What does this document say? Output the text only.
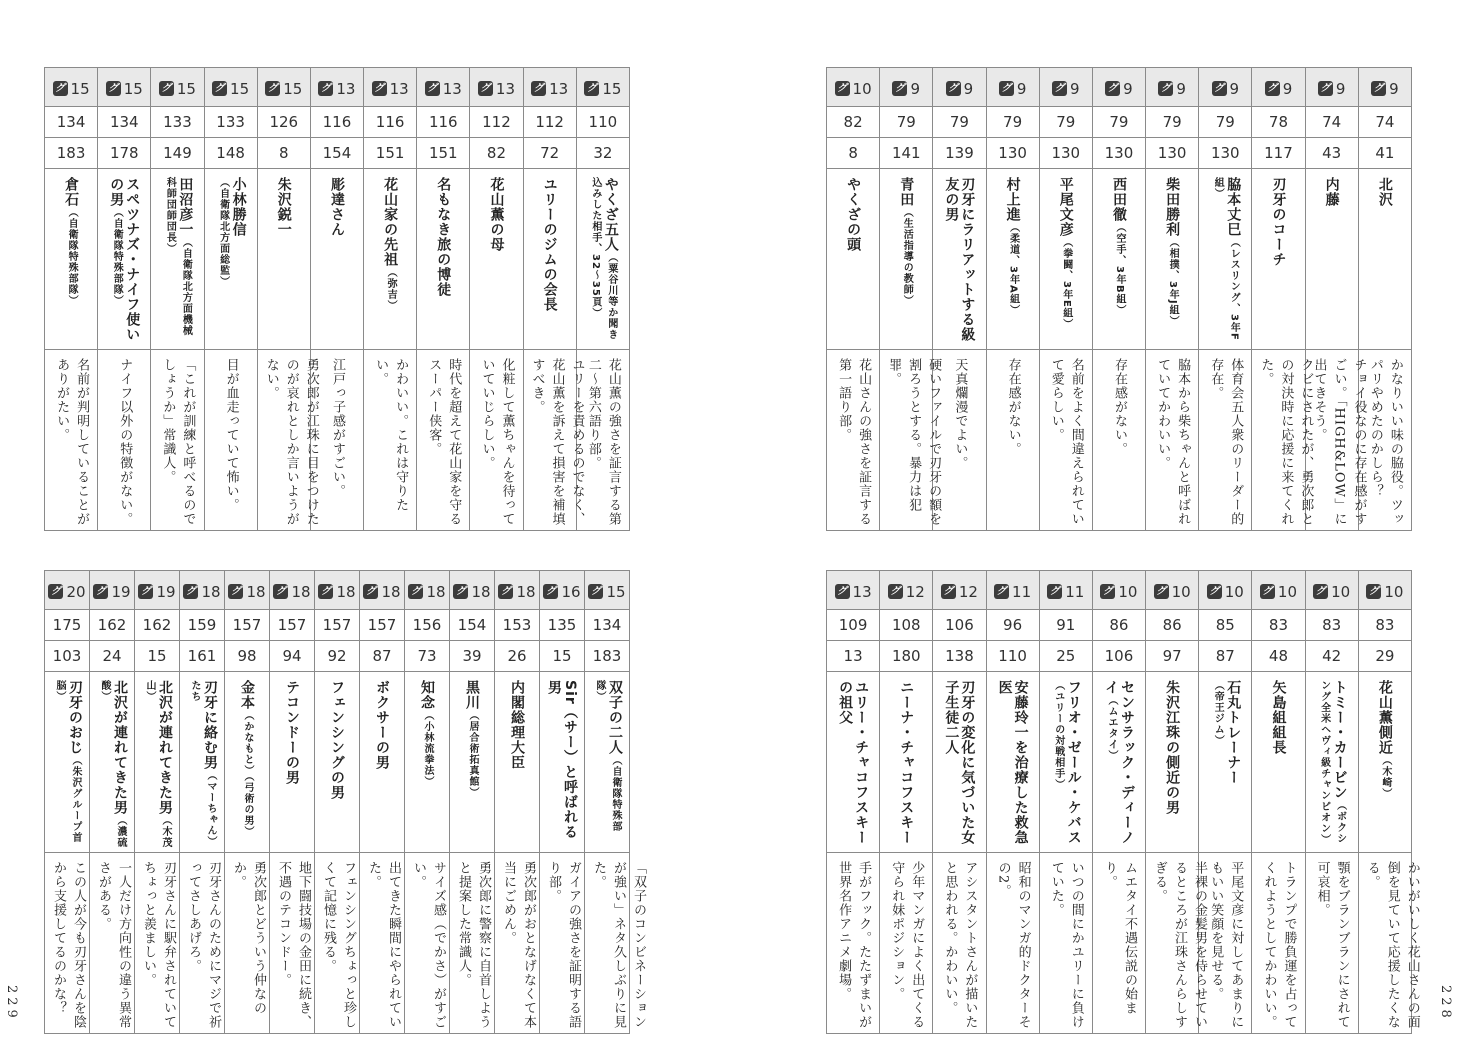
229	228
グ 15	グ 15	グ 15	グ 15	グ 15	グ 13	グ 13	グ 13	グ 13	グ 13	グ 15

134	134	133	133	126	116	116	116	112	112	110
183	178	149	148	8	154	151	151	82	72	32

倉石（自衛隊特殊部隊）	スペツナズ・ナイフ使いの男（自衛隊特殊部隊）	田沼彦一（自衛隊北方面機械科師団師団長）	小林勝信（自衛隊北方面総監）	朱沢鋭一	彫達さん	花山家の先祖（弥吉）	名もなき旅の博徒	花山薫の母	ユリーのジムの会長	やくざ五人（粟谷川等か聞き込みした相手、32〜35頁）

名前が判明していることがありがたい。	ナイフ以外の特徴がない。	「これが訓練と呼べるのでしょうか」常識人。	目が血走っていて怖い。	勇次郎が江珠に目をつけたのが哀れとしか言いようがない。	江戸っ子感がすごい。	かわいい。これは守りたい。	時代を超えて花山家を守るスーパー侠客。	化粧して薫ちゃんを待っていていじらしい。	ユリーを責めるのでなく、花山薫を訴えて損害を補填すべき。	花山薫の強さを証言する第二〜第六語り部。
グ 10	グ 9	グ 9	グ 9	グ 9	グ 9	グ 9	グ 9	グ 9	グ 9	グ 9

82	79	79	79	79	79	79	79	78	74	74
8	141	139	130	130	130	130	130	117	43	41

やくざの頭	青田（生活指導の教師）	刃牙にラリアットする級友の男	村上進（柔道、3年A組）	平尾文彦（拳闘、3年E組）	西田徹（空手、3年B組）	柴田勝利（相撲、3年J組）	脇本丈巳（レスリング、3年F組）	刃牙のコーチ	内藤	北沢

花山さんの強さを証言する第一語り部。	硬いファイルで刃牙の額を割ろうとする。暴力は犯罪。	天真爛漫でよい。	存在感がない。	名前をよく間違えられていて愛らしい。	存在感がない。	脇本から柴ちゃんと呼ばれていてかわいい。	体育会五人衆のリーダー的存在。	クビにされたが、勇次郎との対決時に応援に来てくれた。	チョイ役なのに存在感がすごい。「HIGH&LOW」に出てきそう。	かなりいい味の脇役。ツッパリやめたのかしら？
グ 20	グ 19	グ 19	グ 18	グ 18	グ 18	グ 18	グ 18	グ 18	グ 18	グ 18	グ 16	グ 15

175	162	162	159	157	157	157	157	156	154	153	135	134
103	24	15	161	98	94	92	87	73	39	26	15	183

刃牙のおじ（朱沢グループ首脳）	北沢が連れてきた男（濃硫酸）	北沢が連れてきた男（木茂山）	刃牙に絡む男（マーちゃん）たち	金本（かなもと）（弓術の男）	テコンドーの男	フェンシングの男	ボクサーの男	知念（小林流拳法）	黒川（居合術拓真館）	内閣総理大臣	Sir（サー）と呼ばれる男	双子の二人（自衛隊特殊部隊）

この人が今も刃牙さんを陰から支援してるのかな？	一人だけ方向性の違う異常さがある。	刃牙さんに駅弁されていてちょっと羨ましい。	刃牙さんのためにマジで祈ってさしあげろ。	勇次郎とどういう仲なのか。	地下闘技場の金田に続き、不遇のテコンドー。	フェンシングちょっと珍しくて記憶に残る。	出てきた瞬間にやられていた。	サイズ感（でかさ）がすごい。	勇次郎に警察に自首しようと提案した常識人。	勇次郎がおとなげなくて本当にごめん。	ガイアの強さを証明する語り部。	「双子のコンビネーションが強い」ネタ久しぶりに見た。
グ 13	グ 12	グ 12	グ 11	グ 11	グ 10	グ 10	グ 10	グ 10	グ 10	グ 10

109	108	106	96	91	86	86	85	83	83	83
13	180	138	110	25	106	97	87	48	42	29

ユリー・チャコフスキーの祖父	ニーナ・チャコフスキー	刃牙の変化に気づいた女子生徒二人	安藤玲一を治療した救急医	フリオ・ゼール・ケバス（ユリーの対戦相手）	センサラック・ディーノイ（ムエタイ）	朱沢江珠の側近の男	石丸トレーナー（帝王ジム）	矢島組組長	トミー・カービン（ボクシング全米ヘヴィ級チャンピオン）	花山薫側近（木崎）

手がフック。たたずまいが世界名作アニメ劇場。	少年マンガによく出てくる守られ妹ポジション。	アシスタントさんが描いたと思われる。かわいい。	昭和のマンガ的ドクターその2。	いつの間にかユリーに負けていた。	ムエタイ不遇伝説の始まり。	半裸の金髪男を侍らせているところが江珠さんらしすぎる。	平尾文彦に対してあまりにもいい笑顔を見せる。	トランプで勝負運を占ってくれようとしてかわいい。	顎をブランブランにされて可哀相。	かいがいしく花山さんの面倒を見ていて応援したくなる。
